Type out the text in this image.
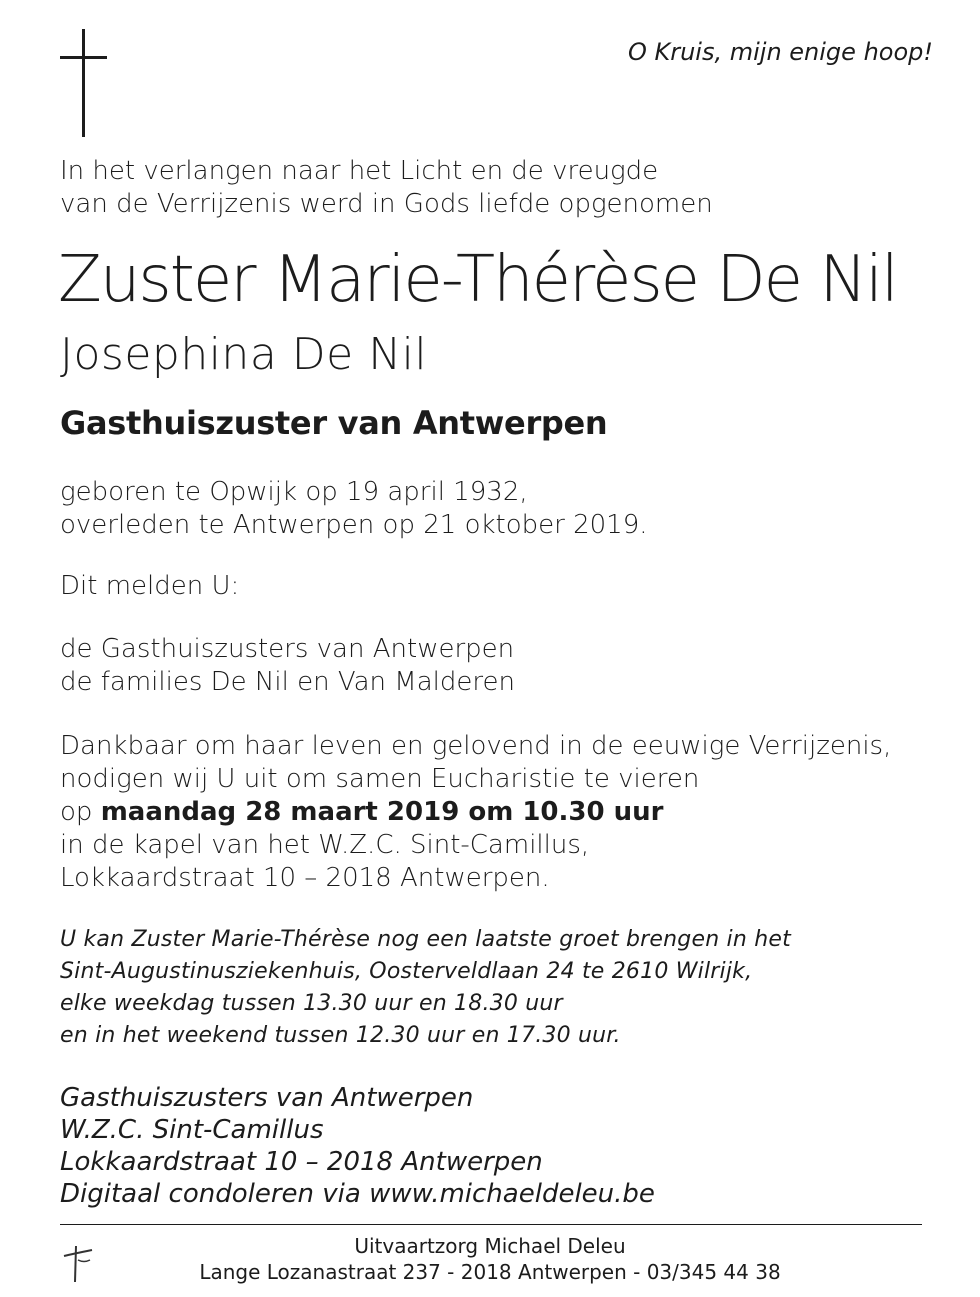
O Kruis, mijn enige hoop!
In het verlangen naar het Licht en de vreugde
van de Verrijzenis werd in Gods liefde opgenomen
Zuster Marie-Thérèse De Nil
Josephina De Nil
Gasthuiszuster van Antwerpen
geboren te Opwijk op 19 april 1932,
overleden te Antwerpen op 21 oktober 2019.
Dit melden U:
de Gasthuiszusters van Antwerpen
de families De Nil en Van Malderen
Dankbaar om haar leven en gelovend in de eeuwige Verrijzenis,
nodigen wij U uit om samen Eucharistie te vieren
op maandag 28 maart 2019 om 10.30 uur
in de kapel van het W.Z.C. Sint-Camillus,
Lokkaardstraat 10 – 2018 Antwerpen.
U kan Zuster Marie-Thérèse nog een laatste groet brengen in het
Sint-Augustinusziekenhuis, Oosterveldlaan 24 te 2610 Wilrijk,
elke weekdag tussen 13.30 uur en 18.30 uur
en in het weekend tussen 12.30 uur en 17.30 uur.
Gasthuiszusters van Antwerpen
W.Z.C. Sint-Camillus
Lokkaardstraat 10 – 2018 Antwerpen
Digitaal condoleren via www.michaeldeleu.be
Uitvaartzorg Michael Deleu
Lange Lozanastraat 237 - 2018 Antwerpen - 03/345 44 38
